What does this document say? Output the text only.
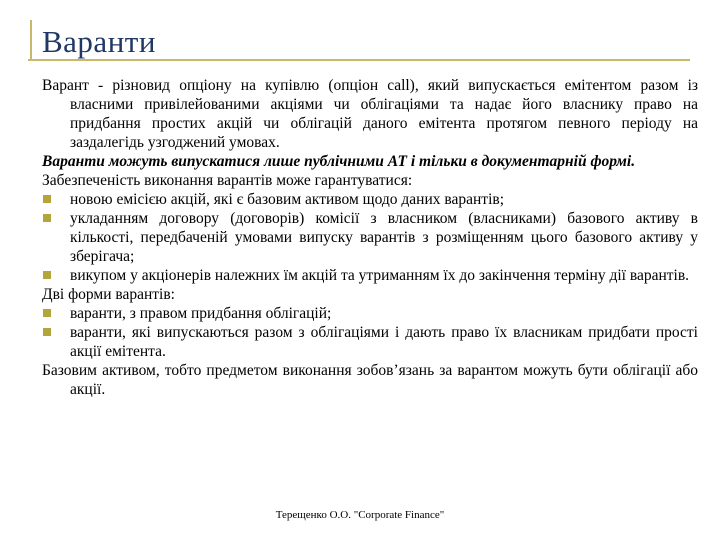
Варанти
Варант - різновид опціону на купівлю (опціон call), який випускається емітентом разом із власними привілейованими акціями чи облігаціями та надає його власнику право на придбання простих акцій чи облігацій даного емітента протягом певного періоду на заздалегідь узгоджений умовах.
Варанти можуть випускатися лише публічними АТ і тільки в документарній формі.
Забезпеченість виконання варантів може гарантуватися:
новою емісією акцій, які є базовим активом щодо даних варантів;
укладанням договору (договорів) комісії з власником (власниками) базового активу в кількості, передбаченій умовами випуску варантів з розміщенням цього базового активу у зберігача;
викупом у акціонерів належних їм акцій та утриманням їх до закінчення терміну дії варантів.
Дві форми варантів:
варанти, з правом придбання облігацій;
варанти, які випускаються разом з облігаціями і дають право їх власникам придбати прості акції емітента.
Базовим активом, тобто предметом виконання зобов’язань за варантом можуть бути облігації або акції.
Терещенко О.О. "Corporate Finance"
